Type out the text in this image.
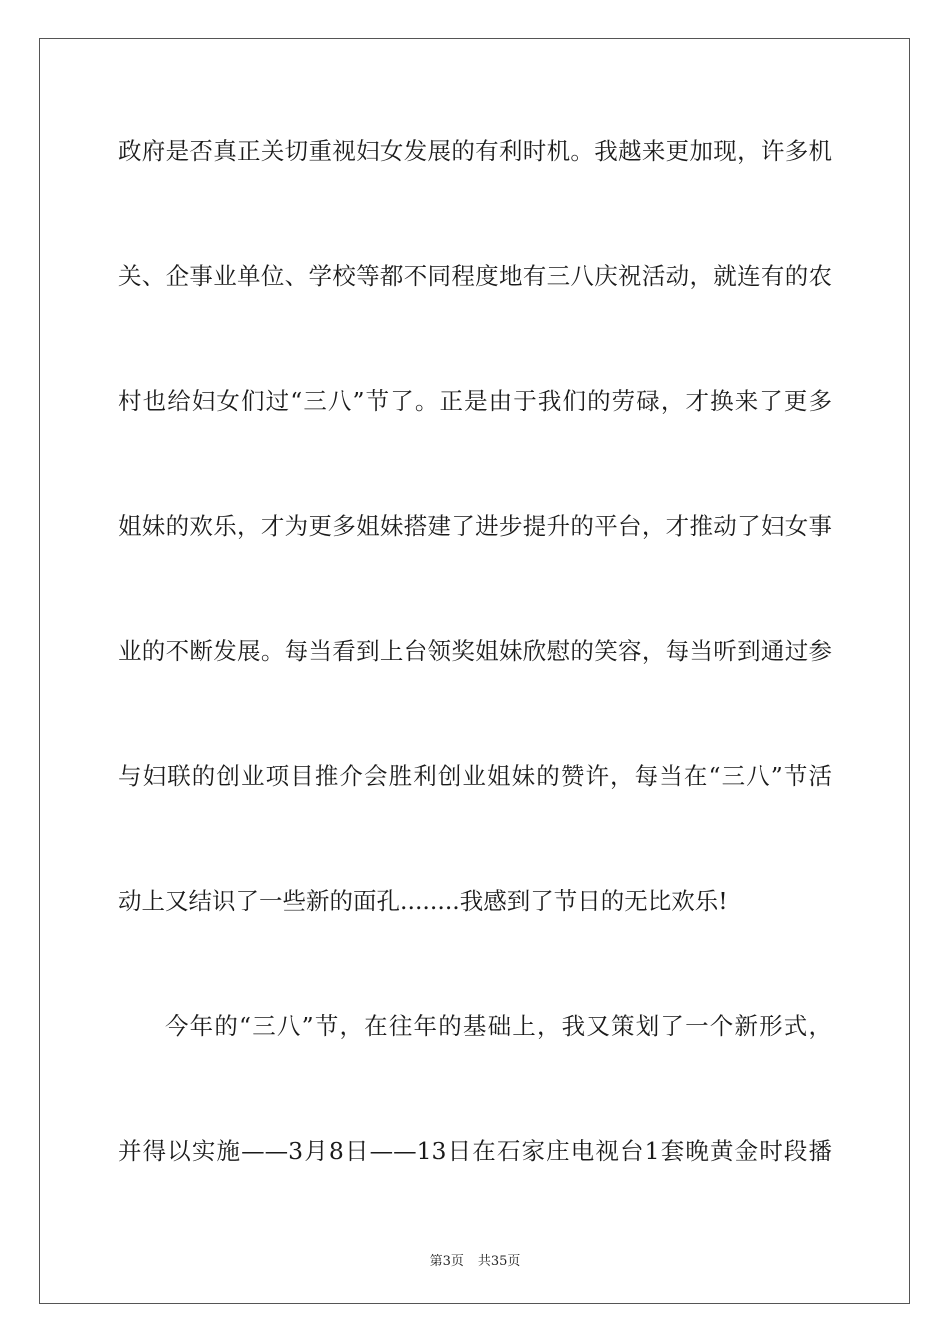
政府是否真正关切重视妇女发展的有利时机。我越来更加现，许多机
关、企事业单位、学校等都不同程度地有三八庆祝活动，就连有的农
村也给妇女们过“三八”节了。正是由于我们的劳碌，才换来了更多
姐妹的欢乐，才为更多姐妹搭建了进步提升的平台，才推动了妇女事
业的不断发展。每当看到上台领奖姐妹欣慰的笑容，每当听到通过参
与妇联的创业项目推介会胜利创业姐妹的赞许，每当在“三八”节活
动上又结识了一些新的面孔........我感到了节日的无比欢乐!
今年的“三八”节，在往年的基础上，我又策划了一个新形式，
并得以实施——3月8日——13日在石家庄电视台1套晚黄金时段播
第3页 共35页
